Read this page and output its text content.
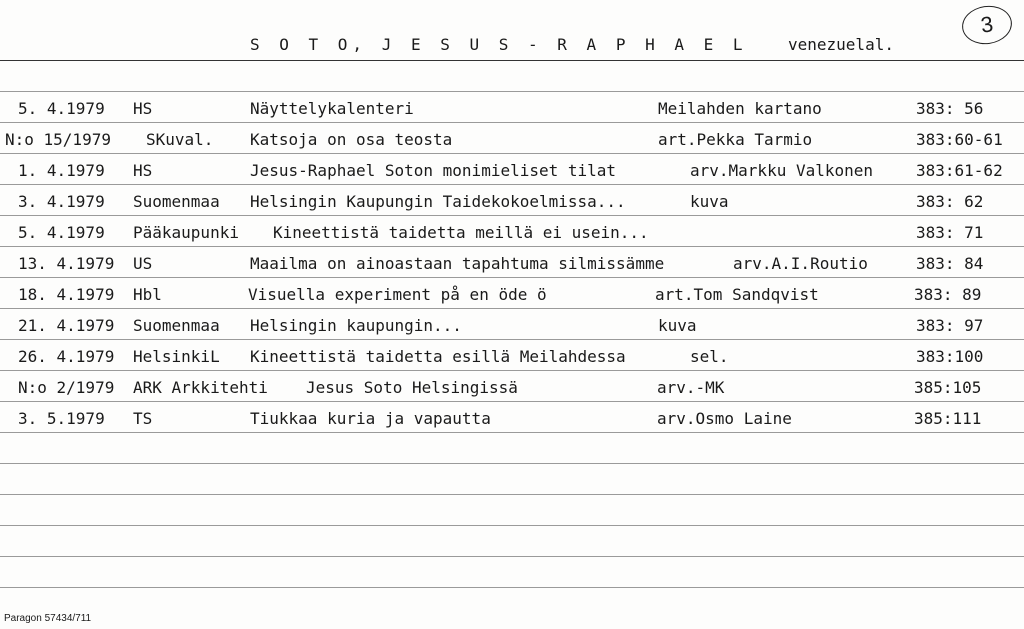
S O T O, J E S U S - R A P H A E L	venezuelal.
3
5. 4.1979 HS	Näyttelykalenteri	Meilahden kartano	383: 56
N:o 15/1979 SKuval. Katsoja on osa teosta	art.Pekka Tarmio	383:60-61
1. 4.1979 HS	Jesus-Raphael Soton monimieliset tilat	arv.Markku Valkonen	383:61-62
3. 4.1979 Suomenmaa Helsingin Kaupungin Taidekokoelmissa...	kuva	383: 62
5. 4.1979 Pääkaupunki Kineettistä taidetta meillä ei usein...	383: 71
13. 4.1979 US	Maailma on ainoastaan tapahtuma silmissämme	arv.A.I.Routio	383: 84
18. 4.1979 Hbl	Visuella experiment på en öde ö	art.Tom Sandqvist	383: 89
21. 4.1979 Suomenmaa Helsingin kaupungin...	kuva	383: 97
26. 4.1979 HelsinkiL Kineettistä taidetta esillä Meilahdessa	sel.	383:100
N:o 2/1979 ARK Arkkitehti Jesus Soto Helsingissä	arv.-MK	385:105
3. 5.1979 TS	Tiukkaa kuria ja vapautta	arv.Osmo Laine	385:111
Paragon 57434/711
